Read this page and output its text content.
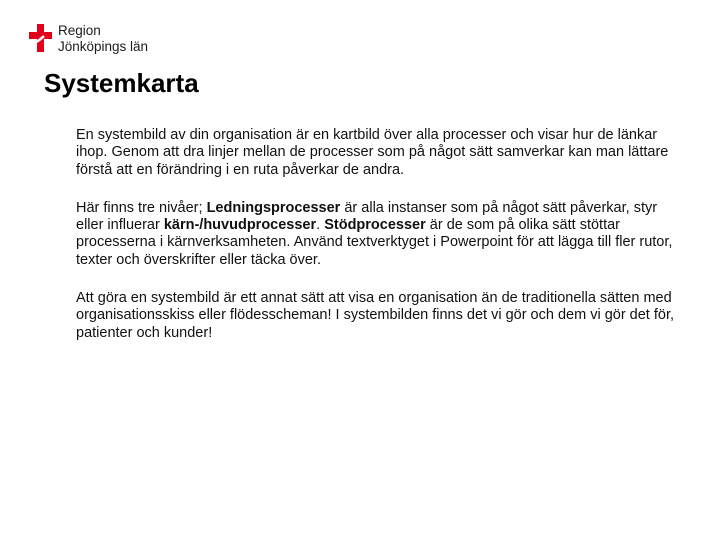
Region
Jönköpings län
Systemkarta

En systembild av din organisation är en kartbild över alla processer och visar hur de länkar ihop. Genom att dra linjer mellan de processer som på något sätt samverkar kan man lättare förstå att en förändring i en ruta påverkar de andra.

Här finns tre nivåer; Ledningsprocesser är alla instanser som på något sätt påverkar, styr eller influerar kärn-/huvudprocesser. Stödprocesser är de som på olika sätt stöttar processerna i kärnverksamheten. Använd textverktyget i Powerpoint för att lägga till fler rutor, texter och överskrifter eller täcka över.

Att göra en systembild är ett annat sätt att visa en organisation än de traditionella sätten med organisationsskiss eller flödesscheman! I systembilden finns det vi gör och dem vi gör det för, patienter och kunder!
